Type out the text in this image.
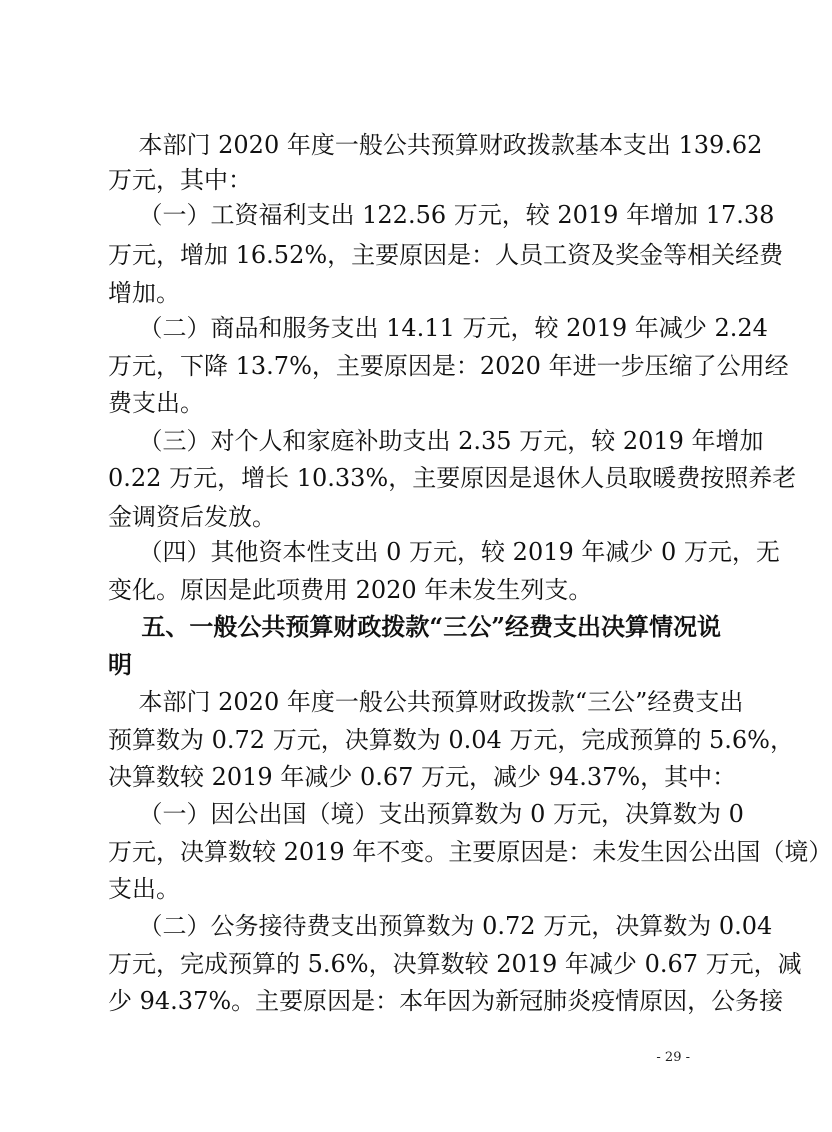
本部门 2020 年度一般公共预算财政拨款基本支出 139.62
万元，其中：
（一）工资福利支出 122.56 万元，较 2019 年增加 17.38
万元，增加 16.52%，主要原因是：人员工资及奖金等相关经费
增加。
（二）商品和服务支出 14.11 万元，较 2019 年减少 2.24
万元，下降 13.7%，主要原因是：2020 年进一步压缩了公用经
费支出。
（三）对个人和家庭补助支出 2.35 万元，较 2019 年增加
0.22 万元，增长 10.33%，主要原因是退休人员取暖费按照养老
金调资后发放。
（四）其他资本性支出 0 万元，较 2019 年减少 0 万元，无
变化。原因是此项费用 2020 年未发生列支。
五、一般公共预算财政拨款“三公”经费支出决算情况说
明
本部门 2020 年度一般公共预算财政拨款“三公”经费支出
预算数为 0.72 万元，决算数为 0.04 万元，完成预算的 5.6%，
决算数较 2019 年减少 0.67 万元，减少 94.37%，其中：
（一）因公出国（境）支出预算数为 0 万元，决算数为 0
万元，决算数较 2019 年不变。主要原因是：未发生因公出国（境）
支出。
（二）公务接待费支出预算数为 0.72 万元，决算数为 0.04
万元，完成预算的 5.6%，决算数较 2019 年减少 0.67 万元，减
少 94.37%。主要原因是：本年因为新冠肺炎疫情原因，公务接
- 29 -
